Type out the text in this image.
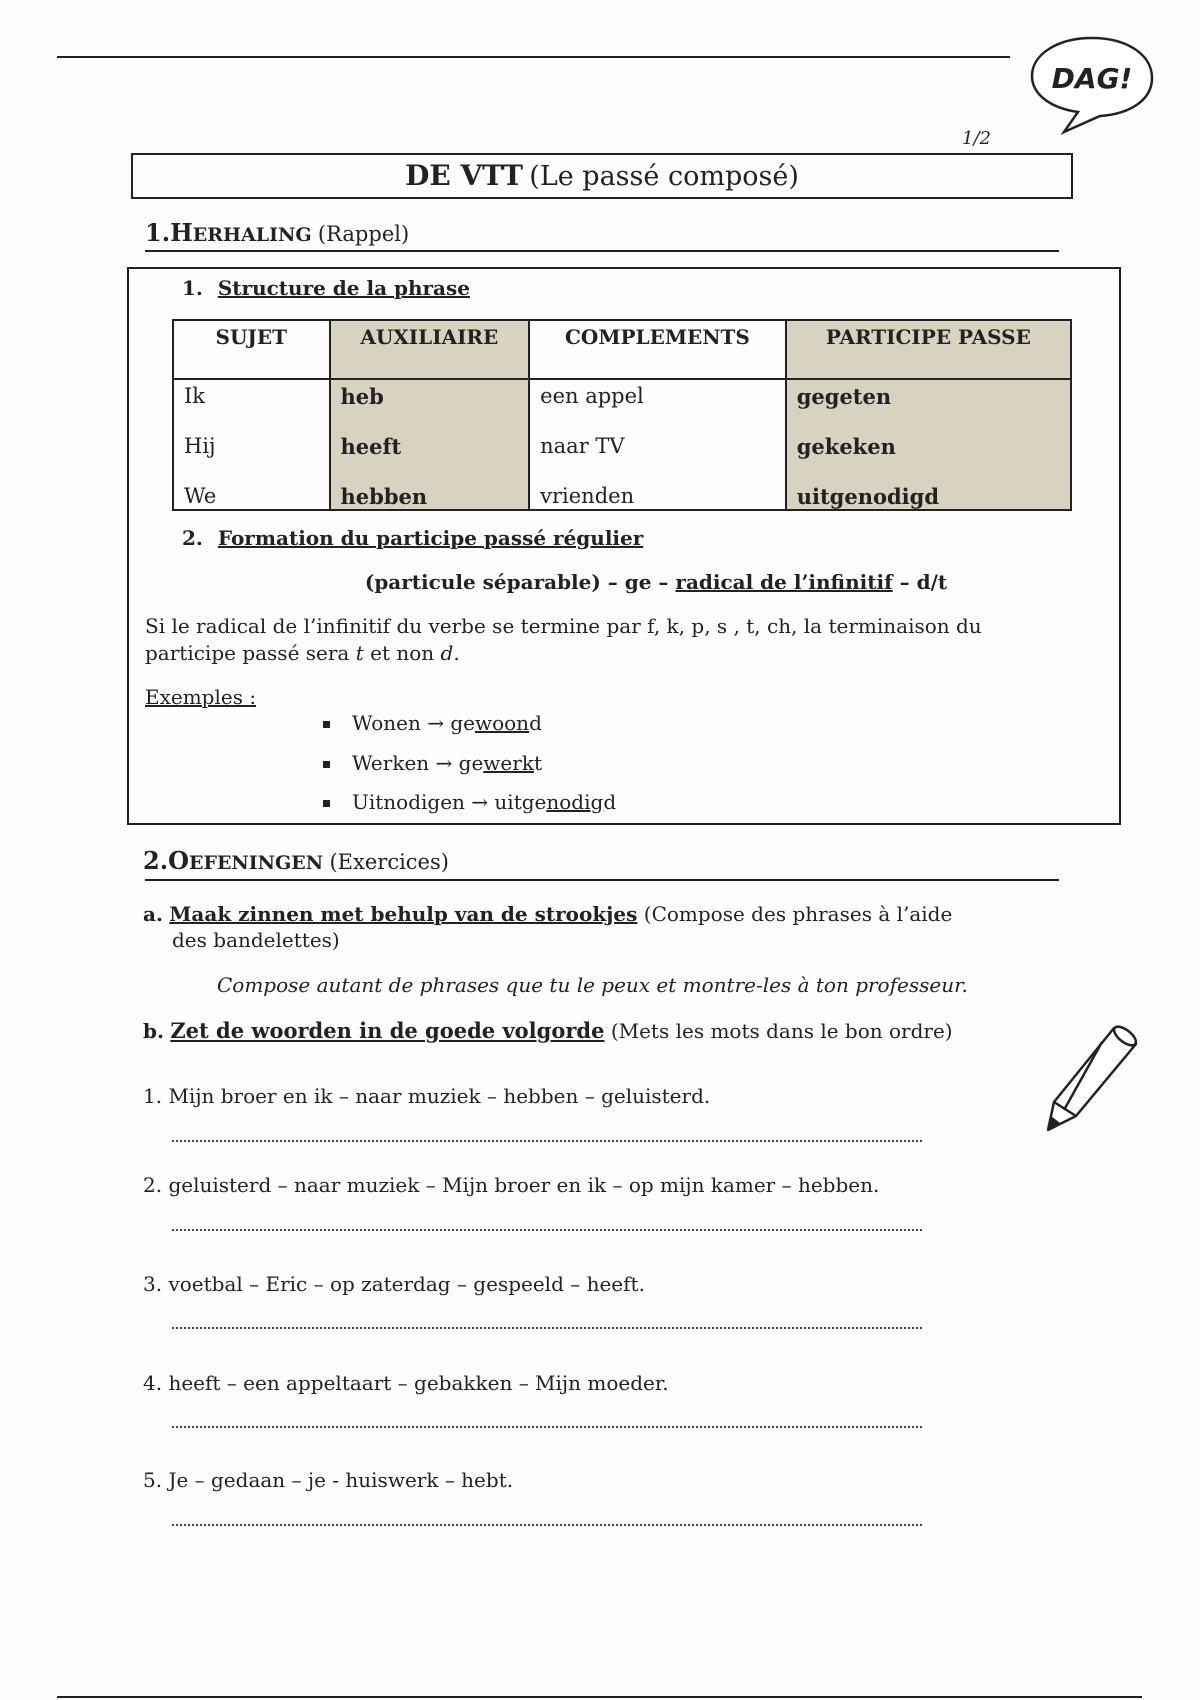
DAG!
1/2
DE VTT (Le passé composé)
1.HERHALING (Rappel)
1. Structure de la phrase
SUJET	AUXILIAIRE	COMPLEMENTS	PARTICIPE PASSE
Ik	heb	een appel	gegeten
Hij	heeft	naar TV	gekeken
We	hebben	vrienden	uitgenodigd
2. Formation du participe passé régulier
(particule séparable) – ge – radical de l’infinitif – d/t
Si le radical de l’infinitif du verbe se termine par f, k, p, s , t, ch, la terminaison du
participe passé sera t et non d.
Exemples :
Wonen → gewoond
Werken → gewerkt
Uitnodigen → uitgenodigd
2.OEFENINGEN (Exercices)
a. Maak zinnen met behulp van de strookjes (Compose des phrases à l’aide
des bandelettes)
Compose autant de phrases que tu le peux et montre-les à ton professeur.
b. Zet de woorden in de goede volgorde (Mets les mots dans le bon ordre)
1. Mijn broer en ik – naar muziek – hebben – geluisterd.
2. geluisterd – naar muziek – Mijn broer en ik – op mijn kamer – hebben.
3. voetbal – Eric – op zaterdag – gespeeld – heeft.
4. heeft – een appeltaart – gebakken – Mijn moeder.
5. Je – gedaan – je - huiswerk – hebt.
